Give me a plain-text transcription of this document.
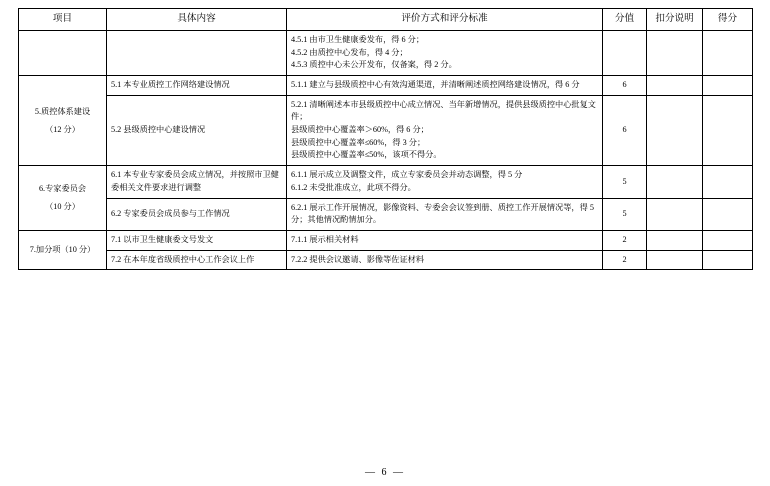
项目	具体内容	评价方式和评分标准	分值	扣分说明	得分

		4.5.1 由市卫生健康委发布，得 6 分；
4.5.2 由质控中心发布，得 4 分；
4.5.3 质控中心未公开发布，仅备案，得 2 分。			

5.质控体系建设
（12 分）	5.1 本专业质控工作网络建设情况	5.1.1 建立与县级质控中心有效沟通渠道，并清晰阐述质控网络建设情况，得 6 分	6		
	5.2 县级质控中心建设情况	5.2.1 清晰阐述本市县级质控中心成立情况、当年新增情况，提供县级质控中心批复文件；
县级质控中心覆盖率＞60%，得 6 分；
县级质控中心覆盖率≤60%，得 3 分；
县级质控中心覆盖率≤50%，该项不得分。	6		

6.专家委员会
（10 分）
	6.1 本专业专家委员会成立情况，并按照市卫健委相关文件要求进行调整	
6.1.1 展示成立及调整文件，成立专家委员会并动态调整，得 5 分
6.1.2 未受批准成立，此项不得分。
	5		
	6.2 专家委员会成员参与工作情况	6.2.1 展示工作开展情况，影像资料、专委会会议签到册、质控工作开展情况等，得 5 分；其他情况酌情加分。	5		

7.加分项（10 分）	7.1 以市卫生健康委文号发文	7.1.1 展示相关材料	2		
	7.2 在本年度省级质控中心工作会议上作	7.2.2 提供会议邀请、影像等佐证材料	2		
— 6 —
